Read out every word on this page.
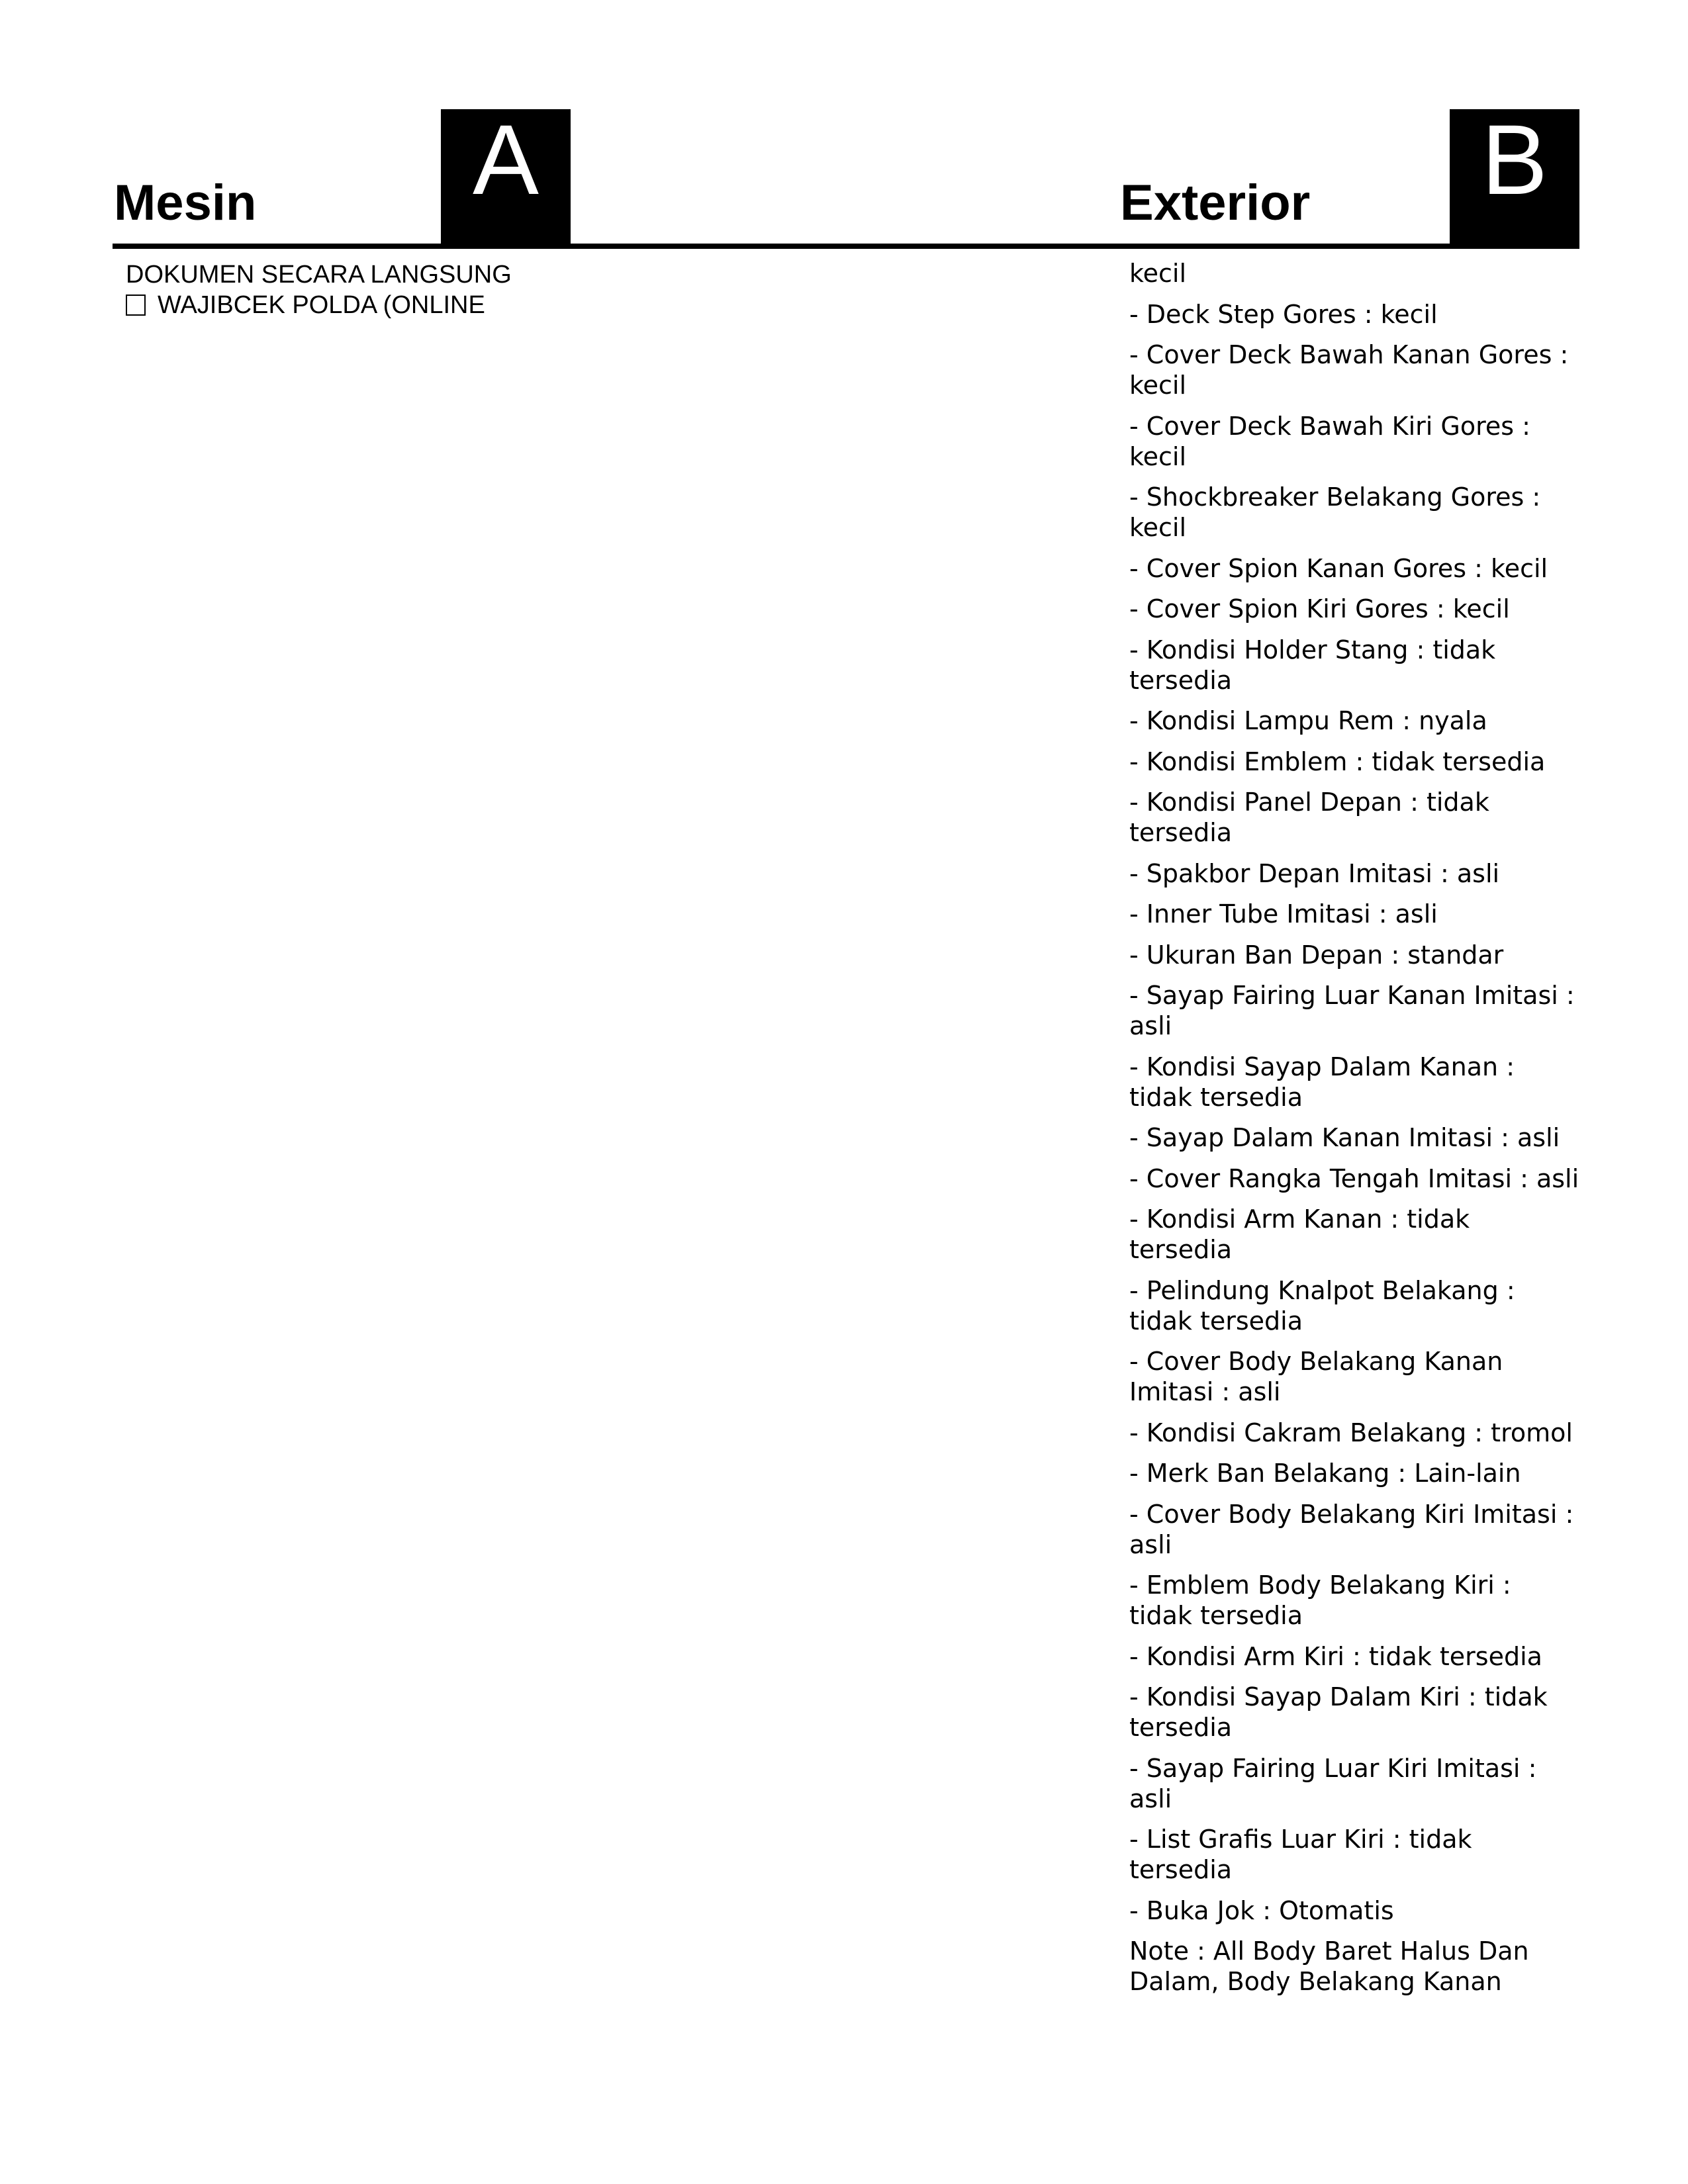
Mesin	A	Exterior	B
DOKUMEN SECARA LANGSUNG
WAJIBCEK POLDA (ONLINE
kecil
- Deck Step Gores : kecil
- Cover Deck Bawah Kanan Gores : kecil
- Cover Deck Bawah Kiri Gores : kecil
- Shockbreaker Belakang Gores : kecil
- Cover Spion Kanan Gores : kecil
- Cover Spion Kiri Gores : kecil
- Kondisi Holder Stang : tidak tersedia
- Kondisi Lampu Rem : nyala
- Kondisi Emblem : tidak tersedia
- Kondisi Panel Depan : tidak tersedia
- Spakbor Depan Imitasi : asli
- Inner Tube Imitasi : asli
- Ukuran Ban Depan : standar
- Sayap Fairing Luar Kanan Imitasi : asli
- Kondisi Sayap Dalam Kanan : tidak tersedia
- Sayap Dalam Kanan Imitasi : asli
- Cover Rangka Tengah Imitasi : asli
- Kondisi Arm Kanan : tidak tersedia
- Pelindung Knalpot Belakang : tidak tersedia
- Cover Body Belakang Kanan Imitasi : asli
- Kondisi Cakram Belakang : tromol
- Merk Ban Belakang : Lain-lain
- Cover Body Belakang Kiri Imitasi : asli
- Emblem Body Belakang Kiri : tidak tersedia
- Kondisi Arm Kiri : tidak tersedia
- Kondisi Sayap Dalam Kiri : tidak tersedia
- Sayap Fairing Luar Kiri Imitasi : asli
- List Grafis Luar Kiri : tidak tersedia
- Buka Jok : Otomatis
Note : All Body Baret Halus Dan Dalam, Body Belakang Kanan
